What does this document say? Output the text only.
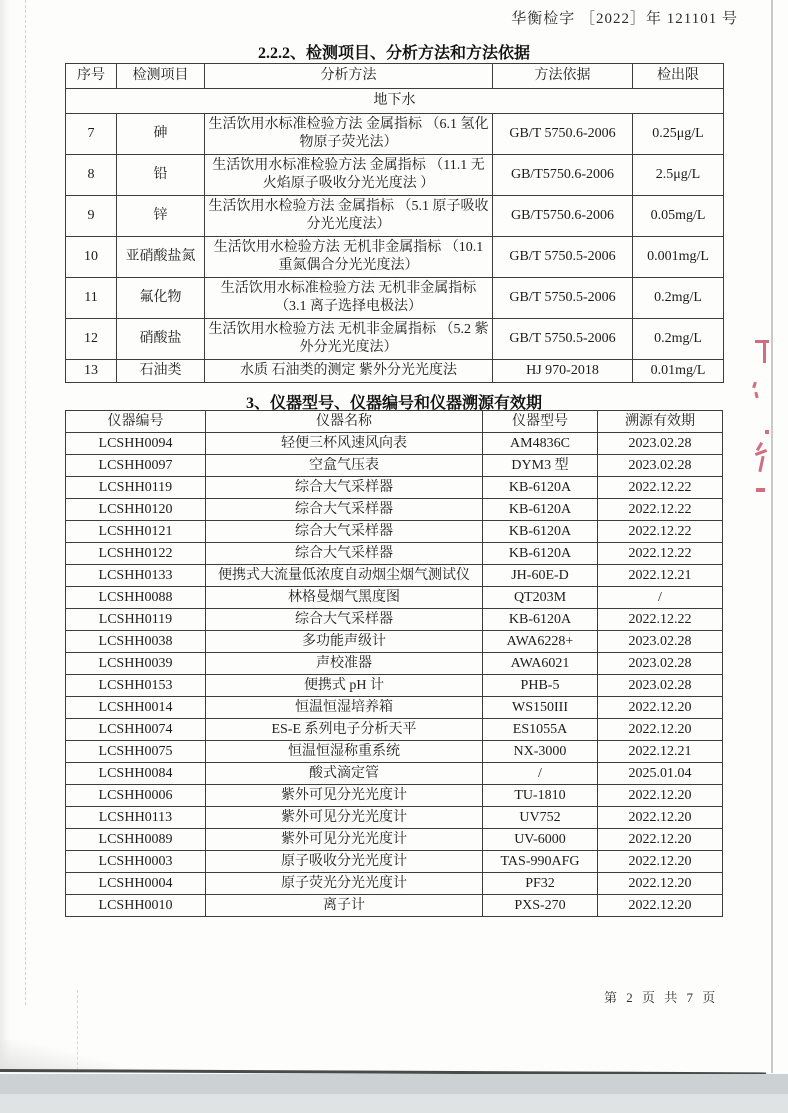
华衡检字 ［2022］年 121101 号
2.2.2、检测项目、分析方法和方法依据
序号	检测项目	分析方法	方法依据	检出限
地下水				
7	砷	生活饮用水标准检验方法 金属指标 （6.1 氢化物原子荧光法）	GB/T 5750.6-2006	0.25μg/L
8	铅	生活饮用水标准检验方法 金属指标 （11.1 无火焰原子吸收分光光度法 ）	GB/T5750.6-2006	2.5μg/L
9	锌	生活饮用水检验方法 金属指标 （5.1 原子吸收分光光度法）	GB/T5750.6-2006	0.05mg/L
10	亚硝酸盐氮	生活饮用水检验方法 无机非金属指标 （10.1 重氮偶合分光光度法）	GB/T 5750.5-2006	0.001mg/L
11	氟化物	生活饮用水标准检验方法 无机非金属指标 （3.1 离子选择电极法）	GB/T 5750.5-2006	0.2mg/L
12	硝酸盐	生活饮用水检验方法 无机非金属指标 （5.2 紫外分光光度法）	GB/T 5750.5-2006	0.2mg/L
13	石油类	水质 石油类的测定 紫外分光光度法	HJ 970-2018	0.01mg/L
3、仪器型号、仪器编号和仪器溯源有效期
仪器编号	仪器名称	仪器型号	溯源有效期
LCSHH0094	轻便三杯风速风向表	AM4836C	2023.02.28
LCSHH0097	空盒气压表	DYM3 型	2023.02.28
LCSHH0119	综合大气采样器	KB-6120A	2022.12.22
LCSHH0120	综合大气采样器	KB-6120A	2022.12.22
LCSHH0121	综合大气采样器	KB-6120A	2022.12.22
LCSHH0122	综合大气采样器	KB-6120A	2022.12.22
LCSHH0133	便携式大流量低浓度自动烟尘烟气测试仪	JH-60E-D	2022.12.21
LCSHH0088	林格曼烟气黑度图	QT203M	/
LCSHH0119	综合大气采样器	KB-6120A	2022.12.22
LCSHH0038	多功能声级计	AWA6228+	2023.02.28
LCSHH0039	声校准器	AWA6021	2023.02.28
LCSHH0153	便携式 pH 计	PHB-5	2023.02.28
LCSHH0014	恒温恒湿培养箱	WS150III	2022.12.20
LCSHH0074	ES-E 系列电子分析天平	ES1055A	2022.12.20
LCSHH0075	恒温恒湿称重系统	NX-3000	2022.12.21
LCSHH0084	酸式滴定管	/	2025.01.04
LCSHH0006	紫外可见分光光度计	TU-1810	2022.12.20
LCSHH0113	紫外可见分光光度计	UV752	2022.12.20
LCSHH0089	紫外可见分光光度计	UV-6000	2022.12.20
LCSHH0003	原子吸收分光光度计	TAS-990AFG	2022.12.20
LCSHH0004	原子荧光分光光度计	PF32	2022.12.20
LCSHH0010	离子计	PXS-270	2022.12.20
第 2 页 共 7 页
